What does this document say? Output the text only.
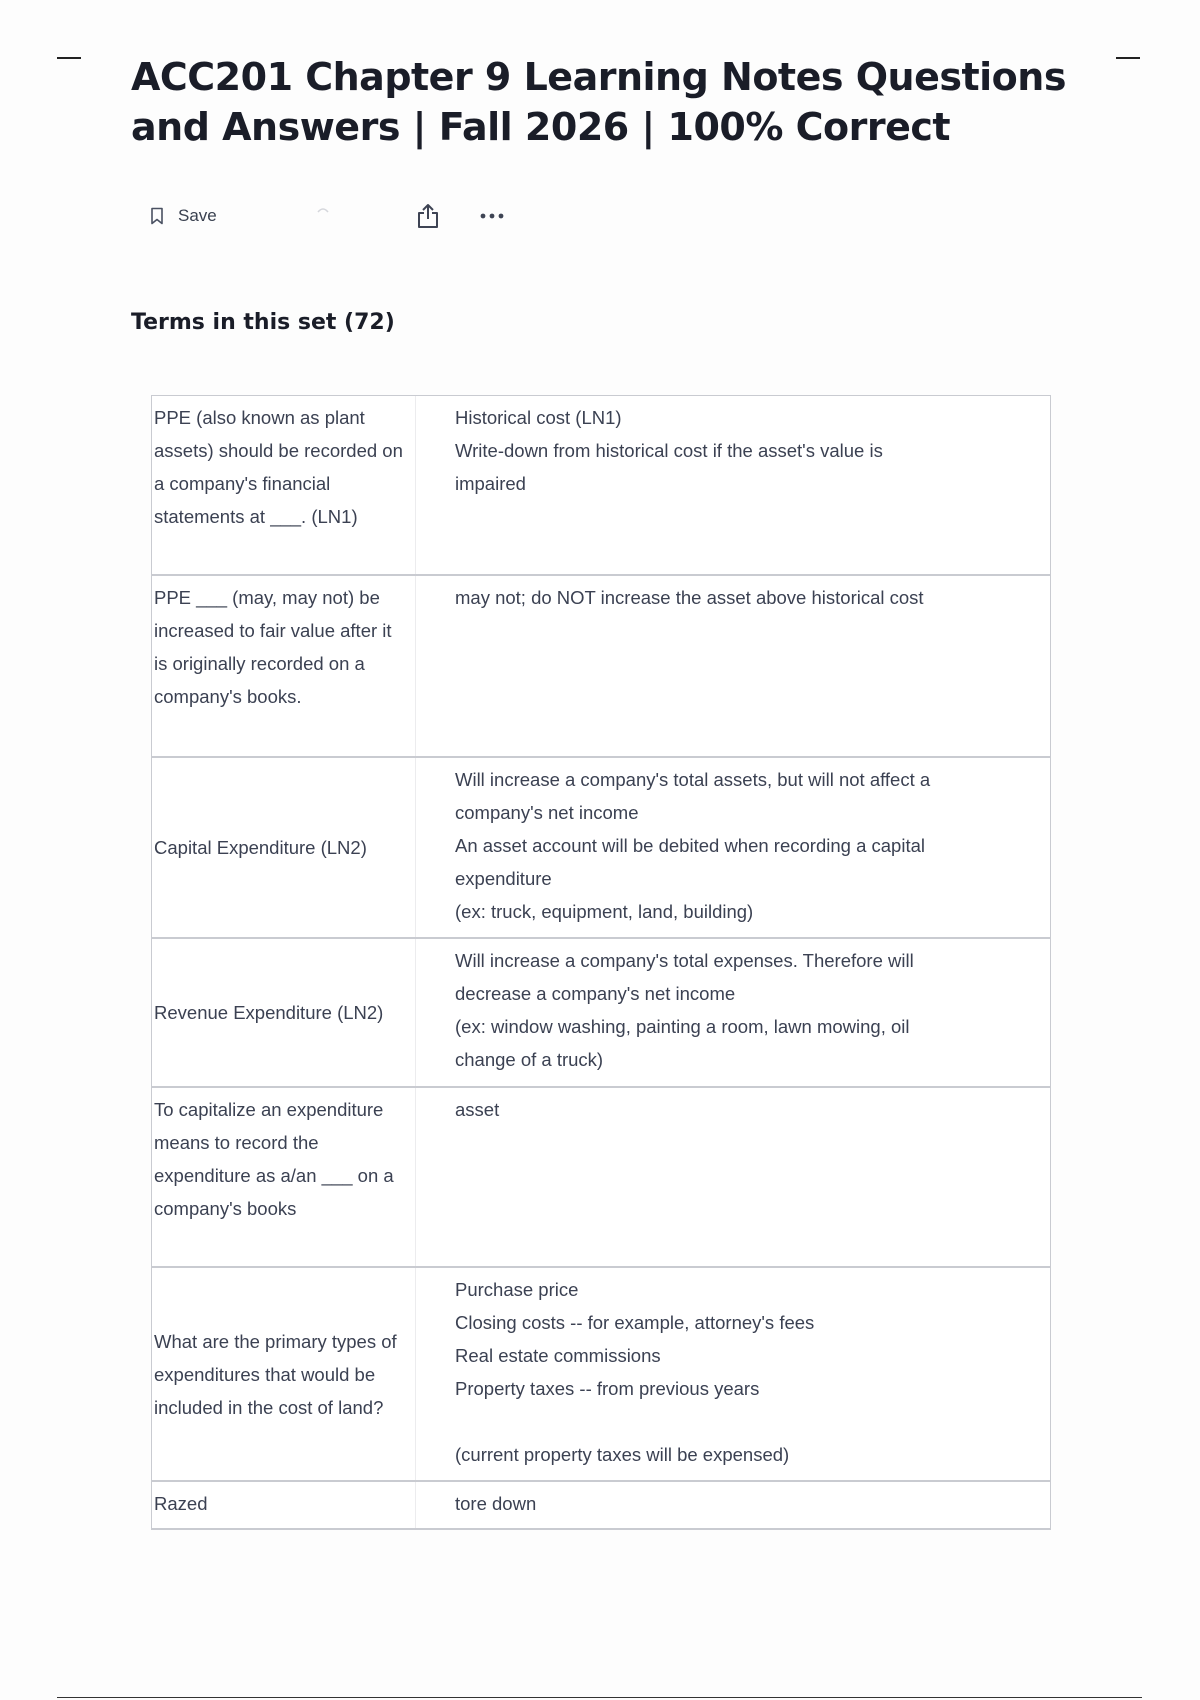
ACC201 Chapter 9 Learning Notes Questions and Answers | Fall 2026 | 100% Correct
Save
Terms in this set (72)
PPE (also known as plant assets) should be recorded on a company's financial statements at ___. (LN1)
Historical cost (LN1)
Write-down from historical cost if the asset's value is impaired
PPE ___ (may, may not) be increased to fair value after it is originally recorded on a company's books.
may not; do NOT increase the asset above historical cost
Capital Expenditure (LN2)
Will increase a company's total assets, but will not affect a company's net income
An asset account will be debited when recording a capital expenditure
(ex: truck, equipment, land, building)
Revenue Expenditure (LN2)
Will increase a company's total expenses. Therefore will decrease a company's net income
(ex: window washing, painting a room, lawn mowing, oil change of a truck)
To capitalize an expenditure means to record the expenditure as a/an ___ on a company's books
asset
What are the primary types of expenditures that would be included in the cost of land?
Purchase price
Closing costs -- for example, attorney's fees
Real estate commissions
Property taxes -- from previous years
(current property taxes will be expensed)
Razed	tore down
